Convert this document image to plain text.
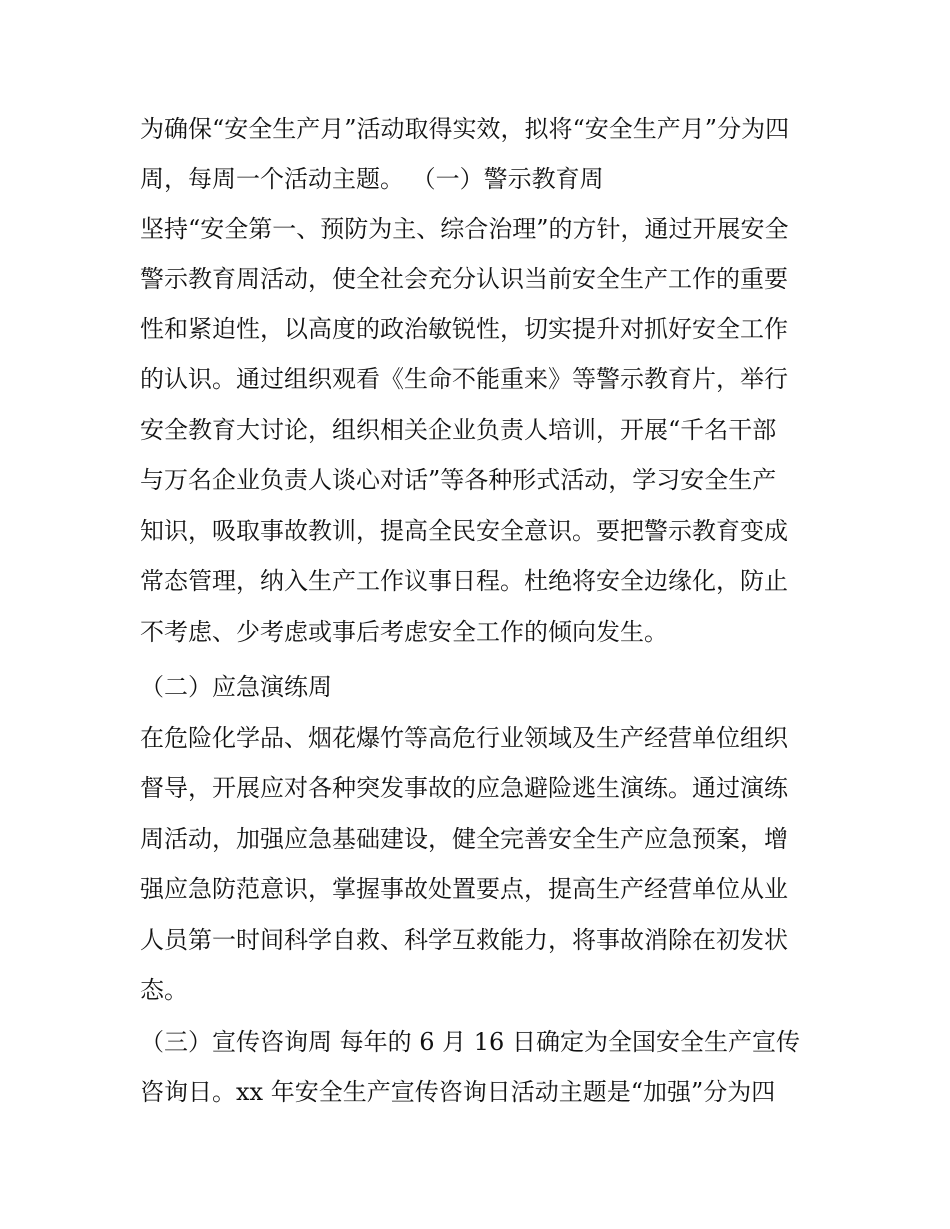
为确保“安全生产月”活动取得实效，拟将“安全生产月”分为四

周，每周一个活动主题。 （一）警示教育周

坚持“安全第一、预防为主、综合治理”的方针，通过开展安全

警示教育周活动，使全社会充分认识当前安全生产工作的重要

性和紧迫性，以高度的政治敏锐性，切实提升对抓好安全工作

的认识。通过组织观看《生命不能重来》等警示教育片，举行

安全教育大讨论，组织相关企业负责人培训，开展“千名干部

与万名企业负责人谈心对话”等各种形式活动，学习安全生产

知识，吸取事故教训，提高全民安全意识。要把警示教育变成

常态管理，纳入生产工作议事日程。杜绝将安全边缘化，防止

不考虑、少考虑或事后考虑安全工作的倾向发生。

（二）应急演练周

在危险化学品、烟花爆竹等高危行业领域及生产经营单位组织

督导，开展应对各种突发事故的应急避险逃生演练。通过演练

周活动，加强应急基础建设，健全完善安全生产应急预案，增

强应急防范意识，掌握事故处置要点，提高生产经营单位从业

人员第一时间科学自救、科学互救能力，将事故消除在初发状

态。

（三）宣传咨询周 每年的 6 月 16 日确定为全国安全生产宣传

咨询日。xx 年安全生产宣传咨询日活动主题是“加强”分为四
